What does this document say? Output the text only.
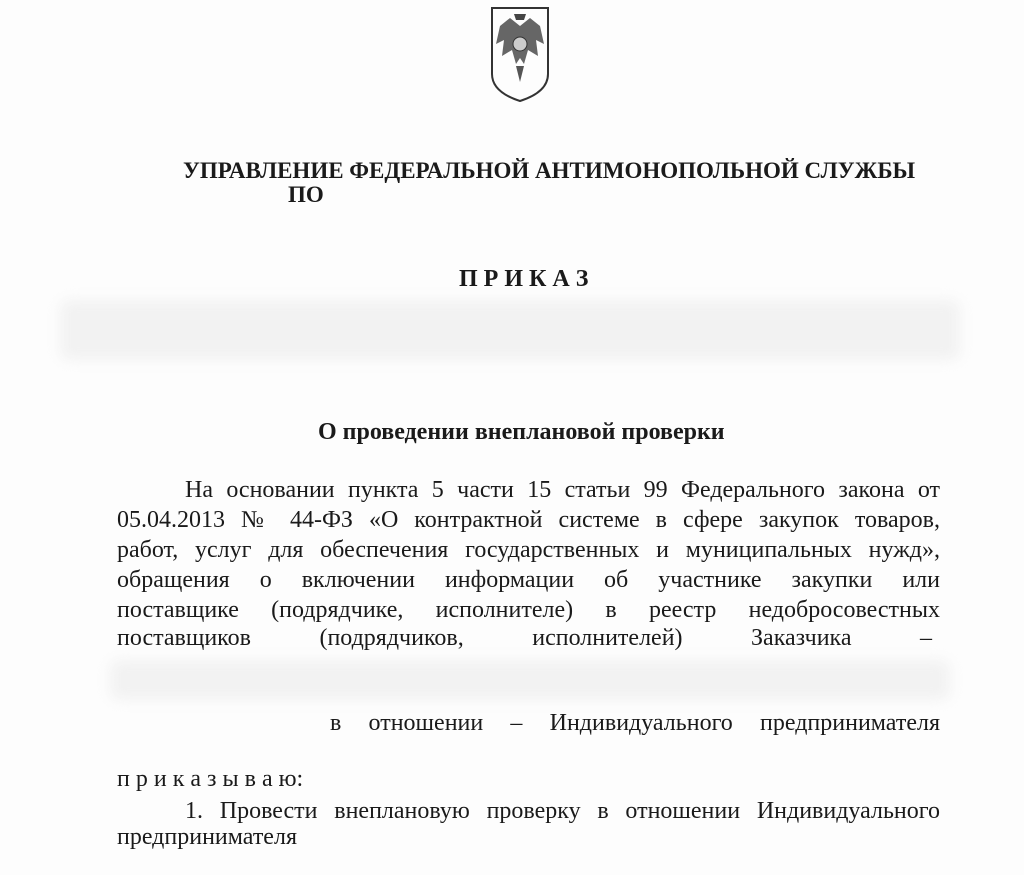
УПРАВЛЕНИЕ ФЕДЕРАЛЬНОЙ АНТИМОНОПОЛЬНОЙ СЛУЖБЫ
ПО
П Р И К А З
О проведении внеплановой проверки
На основании пункта 5 части 15 статьи 99 Федерального закона от
05.04.2013 № 44-ФЗ «О контрактной системе в сфере закупок товаров,
работ, услуг для обеспечения государственных и муниципальных нужд»,
обращения о включении информации об участнике закупки или
поставщике (подрядчике, исполнителе) в реестр недобросовестных
поставщиков (подрядчиков, исполнителей) Заказчика –
в отношении – Индивидуального предпринимателя
п р и к а з ы в а ю:
1. Провести внеплановую проверку в отношении Индивидуального
предпринимателя
